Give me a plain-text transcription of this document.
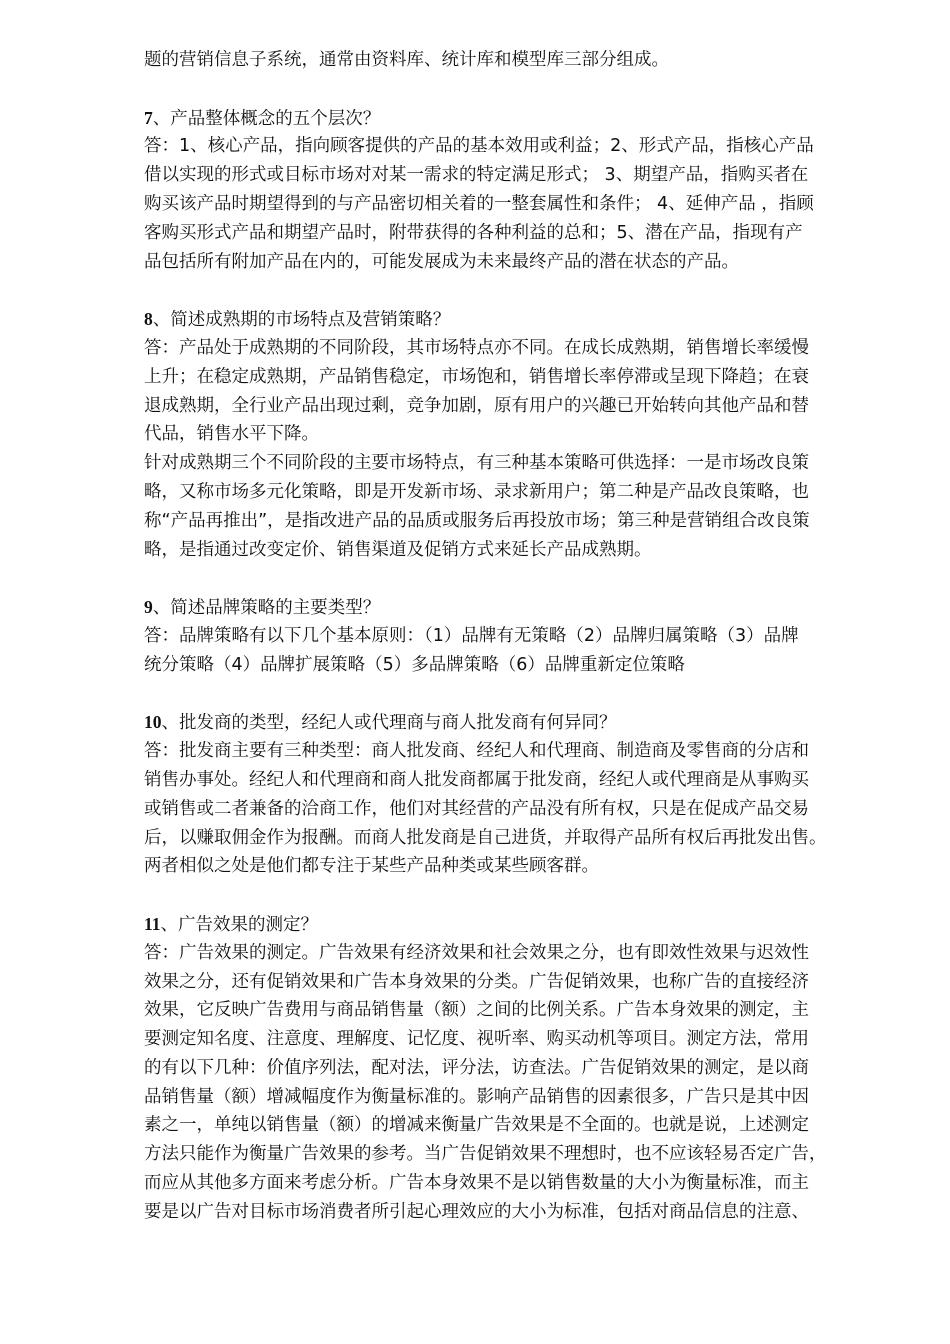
题的营销信息子系统，通常由资料库、统计库和模型库三部分组成。
7、产品整体概念的五个层次？
答：1、核心产品，指向顾客提供的产品的基本效用或利益；2、形式产品，指核心产品
借以实现的形式或目标市场对对某一需求的特定满足形式； 3、期望产品，指购买者在
购买该产品时期望得到的与产品密切相关着的一整套属性和条件； 4、延伸产品 ，指顾
客购买形式产品和期望产品时，附带获得的各种利益的总和；5、潜在产品，指现有产
品包括所有附加产品在内的，可能发展成为未来最终产品的潜在状态的产品。
8、简述成熟期的市场特点及营销策略？
答：产品处于成熟期的不同阶段，其市场特点亦不同。在成长成熟期，销售增长率缓慢
上升；在稳定成熟期，产品销售稳定，市场饱和，销售增长率停滞或呈现下降趋；在衰
退成熟期，全行业产品出现过剩，竞争加剧，原有用户的兴趣已开始转向其他产品和替
代品，销售水平下降。
针对成熟期三个不同阶段的主要市场特点，有三种基本策略可供选择：一是市场改良策
略，又称市场多元化策略，即是开发新市场、录求新用户；第二种是产品改良策略，也
称“产品再推出”，是指改进产品的品质或服务后再投放市场；第三种是营销组合改良策
略，是指通过改变定价、销售渠道及促销方式来延长产品成熟期。
9、简述品牌策略的主要类型？
答：品牌策略有以下几个基本原则：（1）品牌有无策略（2）品牌归属策略（3）品牌
统分策略（4）品牌扩展策略（5）多品牌策略（6）品牌重新定位策略
10、批发商的类型，经纪人或代理商与商人批发商有何异同？
答：批发商主要有三种类型：商人批发商、经纪人和代理商、制造商及零售商的分店和
销售办事处。经纪人和代理商和商人批发商都属于批发商，经纪人或代理商是从事购买
或销售或二者兼备的洽商工作，他们对其经营的产品没有所有权，只是在促成产品交易
后，以赚取佣金作为报酬。而商人批发商是自己进货，并取得产品所有权后再批发出售。
两者相似之处是他们都专注于某些产品种类或某些顾客群。
11、广告效果的测定？
答：广告效果的测定。广告效果有经济效果和社会效果之分，也有即效性效果与迟效性
效果之分，还有促销效果和广告本身效果的分类。广告促销效果，也称广告的直接经济
效果，它反映广告费用与商品销售量（额）之间的比例关系。广告本身效果的测定，主
要测定知名度、注意度、理解度、记忆度、视听率、购买动机等项目。测定方法，常用
的有以下几种：价值序列法，配对法，评分法，访查法。广告促销效果的测定，是以商
品销售量（额）增减幅度作为衡量标准的。影响产品销售的因素很多，广告只是其中因
素之一，单纯以销售量（额）的增减来衡量广告效果是不全面的。也就是说，上述测定
方法只能作为衡量广告效果的参考。当广告促销效果不理想时，也不应该轻易否定广告，
而应从其他多方面来考虑分析。广告本身效果不是以销售数量的大小为衡量标准，而主
要是以广告对目标市场消费者所引起心理效应的大小为标准，包括对商品信息的注意、
